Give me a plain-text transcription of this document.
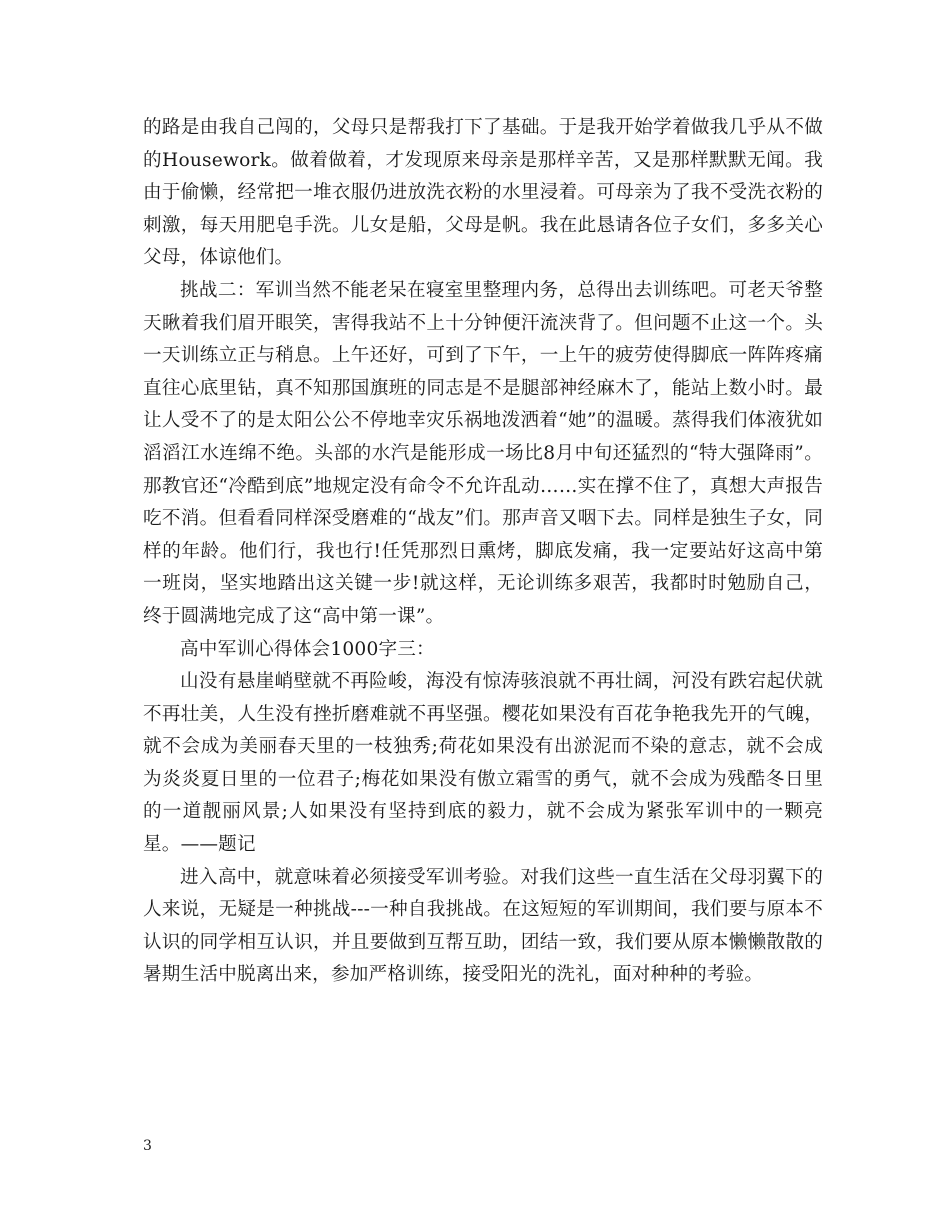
的路是由我自己闯的，父母只是帮我打下了基础。于是我开始学着做我几乎从不做的Housework。做着做着，才发现原来母亲是那样辛苦，又是那样默默无闻。我由于偷懒，经常把一堆衣服仍进放洗衣粉的水里浸着。可母亲为了我不受洗衣粉的刺激，每天用肥皂手洗。儿女是船，父母是帆。我在此恳请各位子女们，多多关心父母，体谅他们。

挑战二：军训当然不能老呆在寝室里整理内务，总得出去训练吧。可老天爷整天瞅着我们眉开眼笑，害得我站不上十分钟便汗流浃背了。但问题不止这一个。头一天训练立正与稍息。上午还好，可到了下午，一上午的疲劳使得脚底一阵阵疼痛直往心底里钻，真不知那国旗班的同志是不是腿部神经麻木了，能站上数小时。最让人受不了的是太阳公公不停地幸灾乐祸地泼洒着“她”的温暖。蒸得我们体液犹如滔滔江水连绵不绝。头部的水汽是能形成一场比8月中旬还猛烈的“特大强降雨”。那教官还“冷酷到底”地规定没有命令不允许乱动……实在撑不住了，真想大声报告吃不消。但看看同样深受磨难的“战友”们。那声音又咽下去。同样是独生子女，同样的年龄。他们行，我也行!任凭那烈日熏烤，脚底发痛，我一定要站好这高中第一班岗，坚实地踏出这关键一步!就这样，无论训练多艰苦，我都时时勉励自己，终于圆满地完成了这“高中第一课”。

高中军训心得体会1000字三：

山没有悬崖峭壁就不再险峻，海没有惊涛骇浪就不再壮阔，河没有跌宕起伏就不再壮美，人生没有挫折磨难就不再坚强。樱花如果没有百花争艳我先开的气魄，就不会成为美丽春天里的一枝独秀;荷花如果没有出淤泥而不染的意志，就不会成为炎炎夏日里的一位君子;梅花如果没有傲立霜雪的勇气，就不会成为残酷冬日里的一道靓丽风景;人如果没有坚持到底的毅力，就不会成为紧张军训中的一颗亮星。——题记

进入高中，就意味着必须接受军训考验。对我们这些一直生活在父母羽翼下的人来说，无疑是一种挑战---一种自我挑战。在这短短的军训期间，我们要与原本不认识的同学相互认识，并且要做到互帮互助，团结一致，我们要从原本懒懒散散的暑期生活中脱离出来，参加严格训练，接受阳光的洗礼，面对种种的考验。

3
